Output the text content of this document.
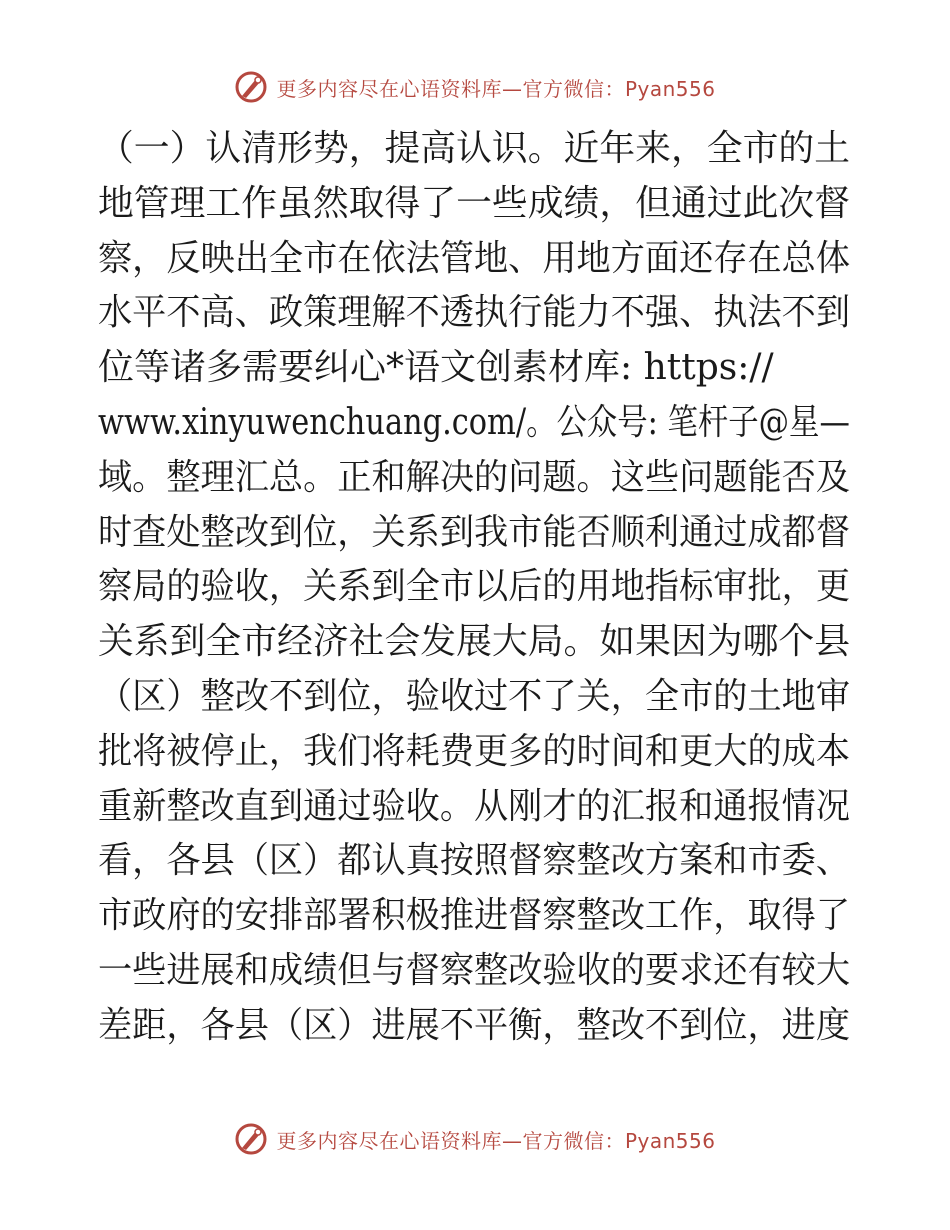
更多内容尽在心语资料库—官方微信：Pyan556
（一）认清形势，提高认识。近年来，全市的土
地管理工作虽然取得了一些成绩，但通过此次督
察，反映出全市在依法管地、用地方面还存在总体
水平不高、政策理解不透执行能力不强、执法不到
位等诸多需要纠心*语文创素材库: https://
www.xinyuwenchuang.com/。公众号: 笔杆子@星—
域。整理汇总。正和解决的问题。这些问题能否及
时查处整改到位，关系到我市能否顺利通过成都督
察局的验收，关系到全市以后的用地指标审批，更
关系到全市经济社会发展大局。如果因为哪个县
（区）整改不到位，验收过不了关，全市的土地审
批将被停止，我们将耗费更多的时间和更大的成本
重新整改直到通过验收。从刚才的汇报和通报情况
看，各县（区）都认真按照督察整改方案和市委、
市政府的安排部署积极推进督察整改工作，取得了
一些进展和成绩但与督察整改验收的要求还有较大
差距，各县（区）进展不平衡，整改不到位，进度
更多内容尽在心语资料库—官方微信：Pyan556
